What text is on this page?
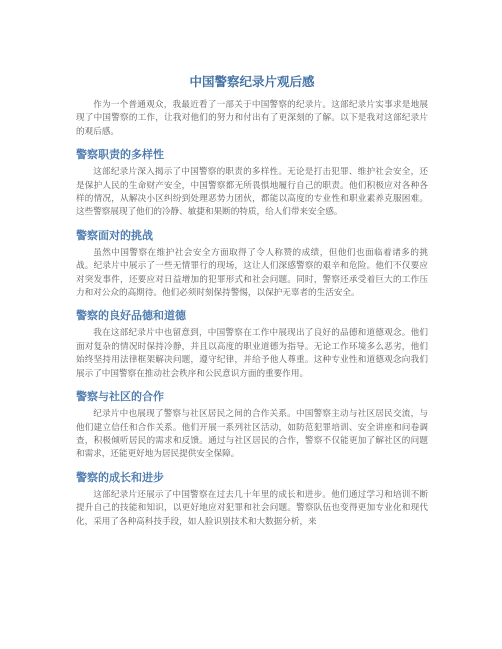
中国警察纪录片观后感

作为一个普通观众，我最近看了一部关于中国警察的纪录片。这部纪录片实事求是地展现了中国警察的工作，让我对他们的努力和付出有了更深刻的了解。以下是我对这部纪录片的观后感。

警察职责的多样性

这部纪录片深入揭示了中国警察的职责的多样性。无论是打击犯罪、维护社会安全，还是保护人民的生命财产安全，中国警察都无所畏惧地履行自己的职责。他们积极应对各种各样的情况，从解决小区纠纷到处理恶势力团伙，都能以高度的专业性和职业素养克服困难。这些警察展现了他们的冷静、敏捷和果断的特质，给人们带来安全感。

警察面对的挑战

虽然中国警察在维护社会安全方面取得了令人称赞的成绩，但他们也面临着诸多的挑战。纪录片中展示了一些无情罪行的现场，这让人们深感警察的艰辛和危险。他们不仅要应对突发事件，还要应对日益增加的犯罪形式和社会问题。同时，警察还承受着巨大的工作压力和对公众的高期待。他们必须时刻保持警惕，以保护无辜者的生活安全。

警察的良好品德和道德

我在这部纪录片中也留意到，中国警察在工作中展现出了良好的品德和道德观念。他们面对复杂的情况时保持冷静，并且以高度的职业道德为指导。无论工作环境多么恶劣，他们始终坚持用法律框架解决问题，遵守纪律，并给予他人尊重。这种专业性和道德观念向我们展示了中国警察在推动社会秩序和公民意识方面的重要作用。

警察与社区的合作

纪录片中也展现了警察与社区居民之间的合作关系。中国警察主动与社区居民交流，与他们建立信任和合作关系。他们开展一系列社区活动，如防范犯罪培训、安全讲座和问卷调查，积极倾听居民的需求和反馈。通过与社区居民的合作，警察不仅能更加了解社区的问题和需求，还能更好地为居民提供安全保障。

警察的成长和进步

这部纪录片还展示了中国警察在过去几十年里的成长和进步。他们通过学习和培训不断提升自己的技能和知识，以更好地应对犯罪和社会问题。警察队伍也变得更加专业化和现代化，采用了各种高科技手段，如人脸识别技术和大数据分析，来
